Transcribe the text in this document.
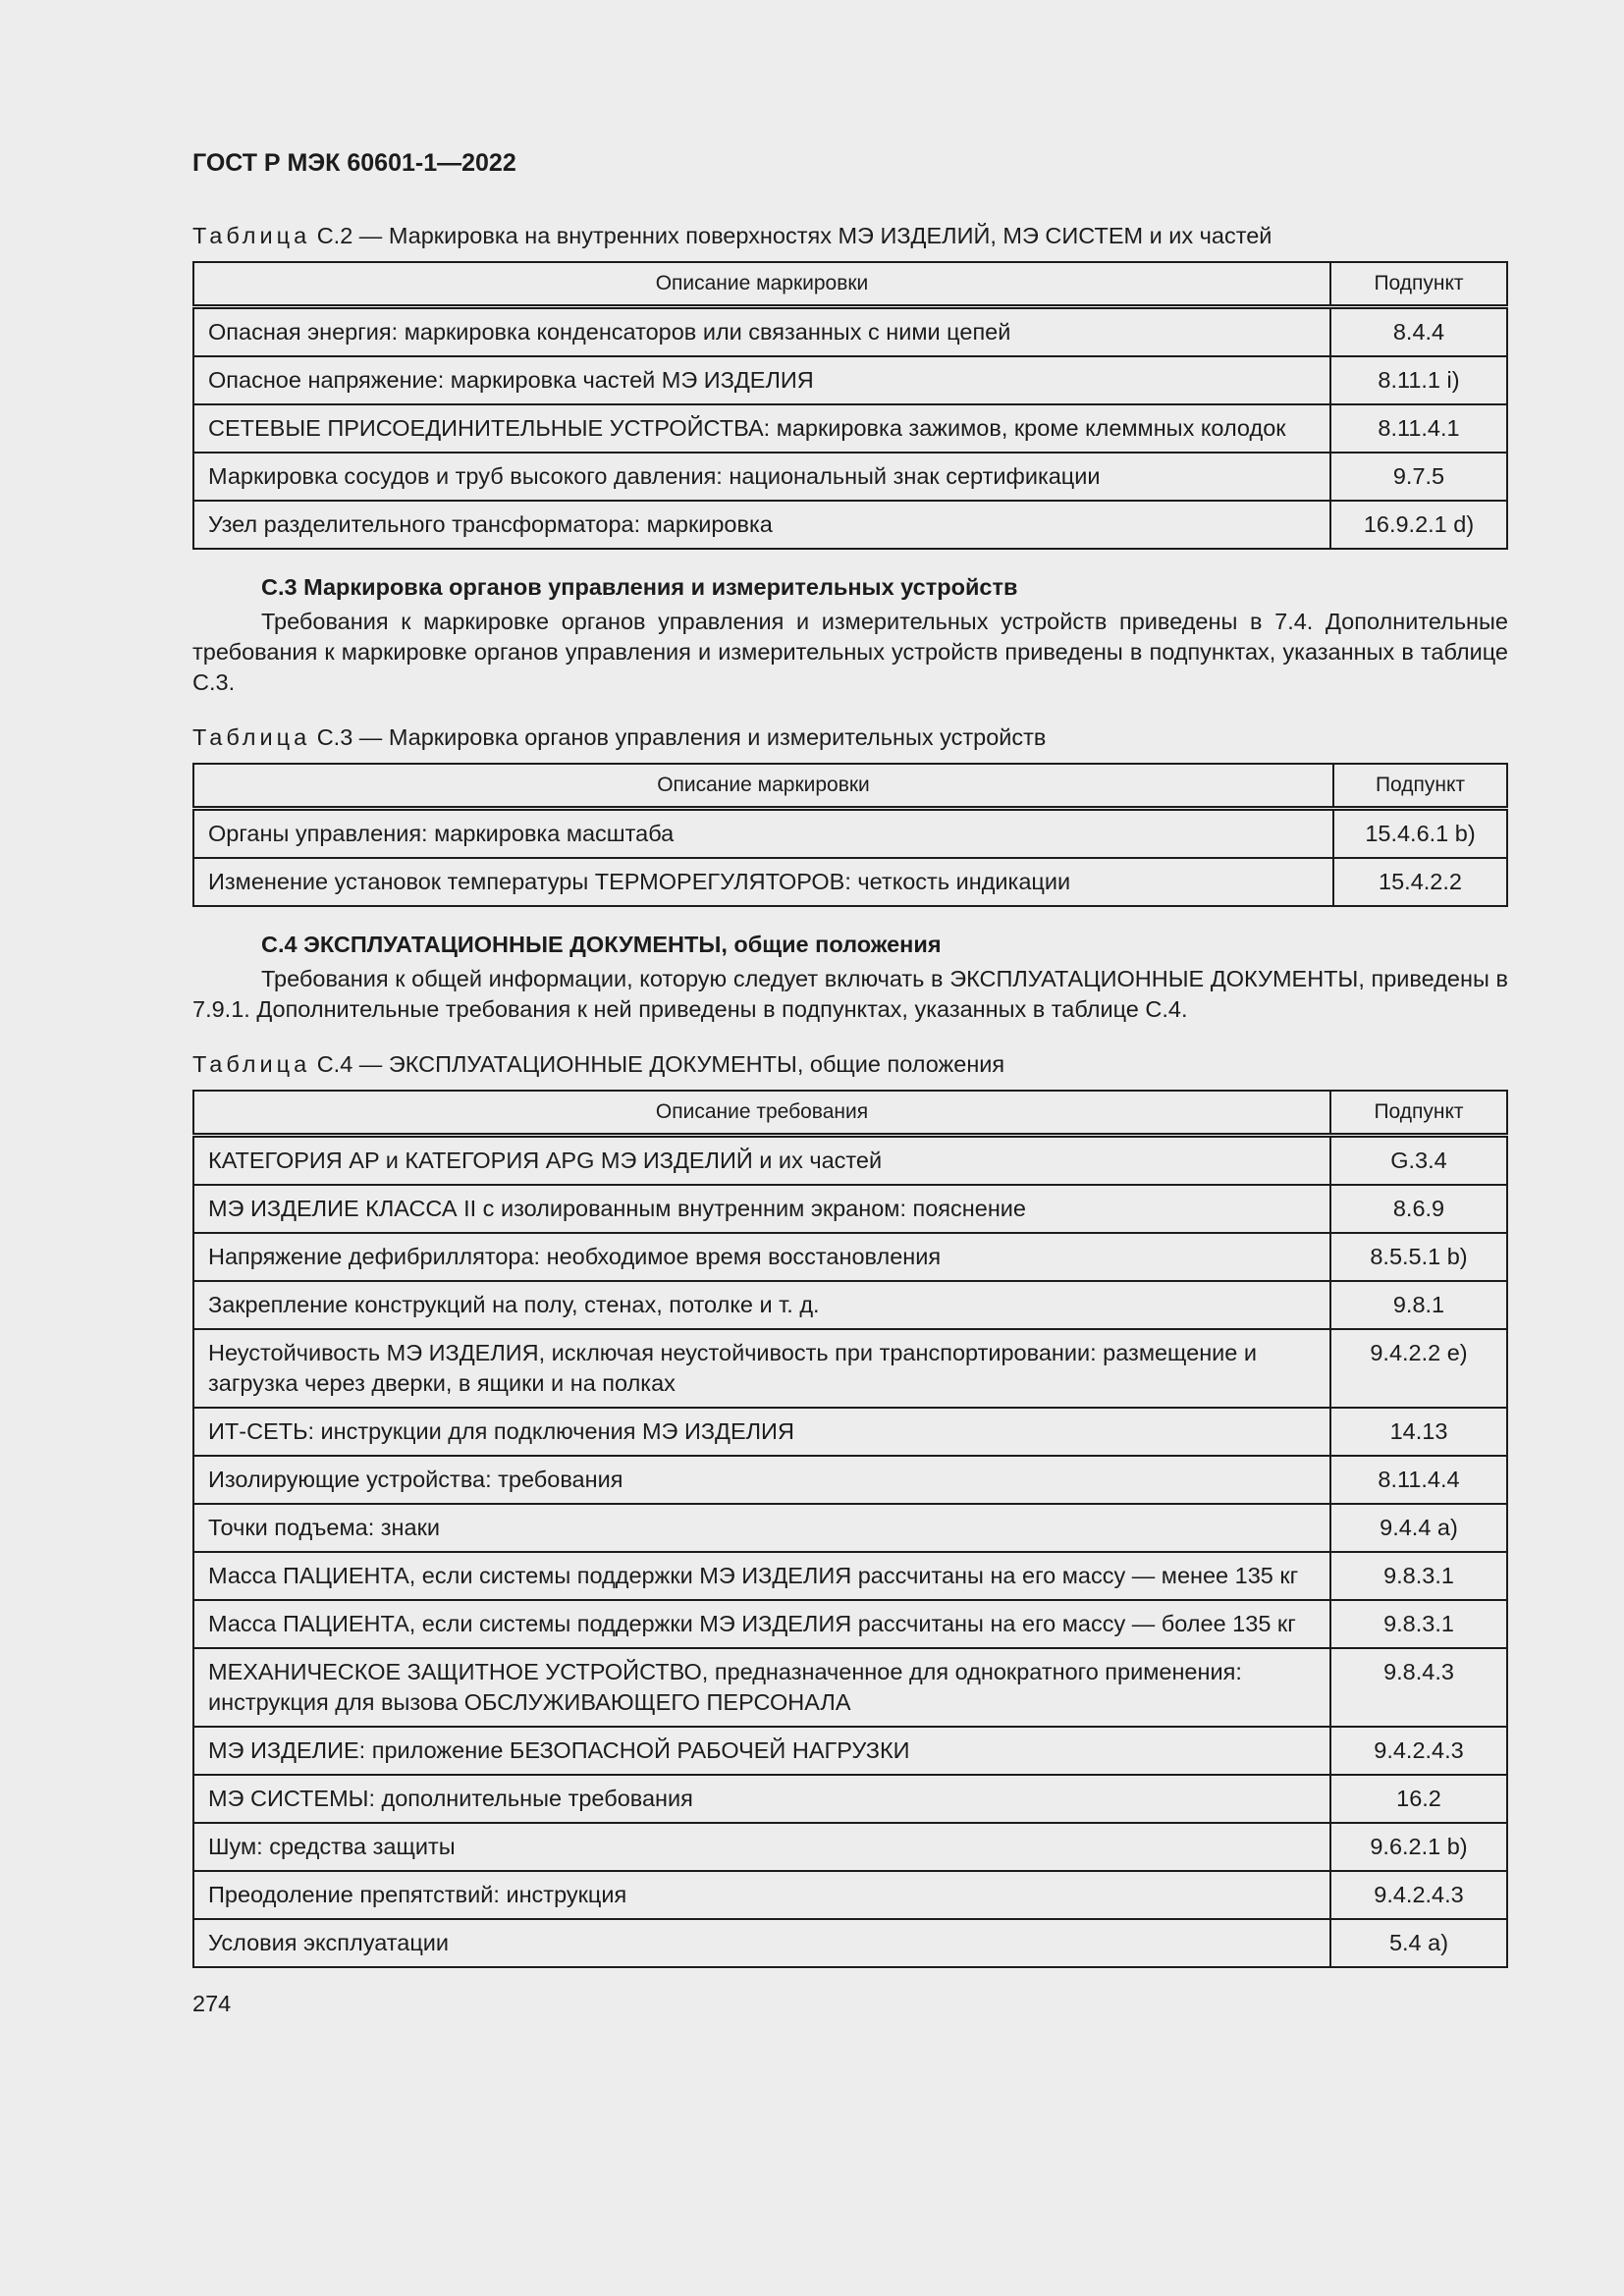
ГОСТ Р МЭК 60601-1—2022
Таблица C.2 — Маркировка на внутренних поверхностях МЭ ИЗДЕЛИЙ, МЭ СИСТЕМ и их частей
Описание маркировки	Подпункт
Опасная энергия: маркировка конденсаторов или связанных с ними цепей	8.4.4
Опасное напряжение: маркировка частей МЭ ИЗДЕЛИЯ	8.11.1 i)
СЕТЕВЫЕ ПРИСОЕДИНИТЕЛЬНЫЕ УСТРОЙСТВА: маркировка зажимов, кроме клеммных колодок	8.11.4.1
Маркировка сосудов и труб высокого давления: национальный знак сертификации	9.7.5
Узел разделительного трансформатора: маркировка	16.9.2.1 d)
C.3 Маркировка органов управления и измерительных устройств

Требования к маркировке органов управления и измерительных устройств приведены в 7.4. Дополнительные требования к маркировке органов управления и измерительных устройств приведены в подпунктах, указанных в таблице C.3.

Таблица C.3 — Маркировка органов управления и измерительных устройств
Описание маркировки	Подпункт
Органы управления: маркировка масштаба	15.4.6.1 b)
Изменение установок температуры ТЕРМОРЕГУЛЯТОРОВ: четкость индикации	15.4.2.2
C.4 ЭКСПЛУАТАЦИОННЫЕ ДОКУМЕНТЫ, общие положения

Требования к общей информации, которую следует включать в ЭКСПЛУАТАЦИОННЫЕ ДОКУМЕНТЫ, приведены в 7.9.1. Дополнительные требования к ней приведены в подпунктах, указанных в таблице C.4.

Таблица C.4 — ЭКСПЛУАТАЦИОННЫЕ ДОКУМЕНТЫ, общие положения
Описание требования	Подпункт
КАТЕГОРИЯ AP и КАТЕГОРИЯ APG МЭ ИЗДЕЛИЙ и их частей	G.3.4
МЭ ИЗДЕЛИЕ КЛАССА II с изолированным внутренним экраном: пояснение	8.6.9
Напряжение дефибриллятора: необходимое время восстановления	8.5.5.1 b)
Закрепление конструкций на полу, стенах, потолке и т. д.	9.8.1
Неустойчивость МЭ ИЗДЕЛИЯ, исключая неустойчивость при транспортировании: размещение и загрузка через дверки, в ящики и на полках	9.4.2.2 e)
ИТ-СЕТЬ: инструкции для подключения МЭ ИЗДЕЛИЯ	14.13
Изолирующие устройства: требования	8.11.4.4
Точки подъема: знаки	9.4.4 a)
Масса ПАЦИЕНТА, если системы поддержки МЭ ИЗДЕЛИЯ рассчитаны на его массу — менее 135 кг	9.8.3.1
Масса ПАЦИЕНТА, если системы поддержки МЭ ИЗДЕЛИЯ рассчитаны на его массу — более 135 кг	9.8.3.1
МЕХАНИЧЕСКОЕ ЗАЩИТНОЕ УСТРОЙСТВО, предназначенное для однократного применения: инструкция для вызова ОБСЛУЖИВАЮЩЕГО ПЕРСОНАЛА	9.8.4.3
МЭ ИЗДЕЛИЕ: приложение БЕЗОПАСНОЙ РАБОЧЕЙ НАГРУЗКИ	9.4.2.4.3
МЭ СИСТЕМЫ: дополнительные требования	16.2
Шум: средства защиты	9.6.2.1 b)
Преодоление препятствий: инструкция	9.4.2.4.3
Условия эксплуатации	5.4 a)
274
